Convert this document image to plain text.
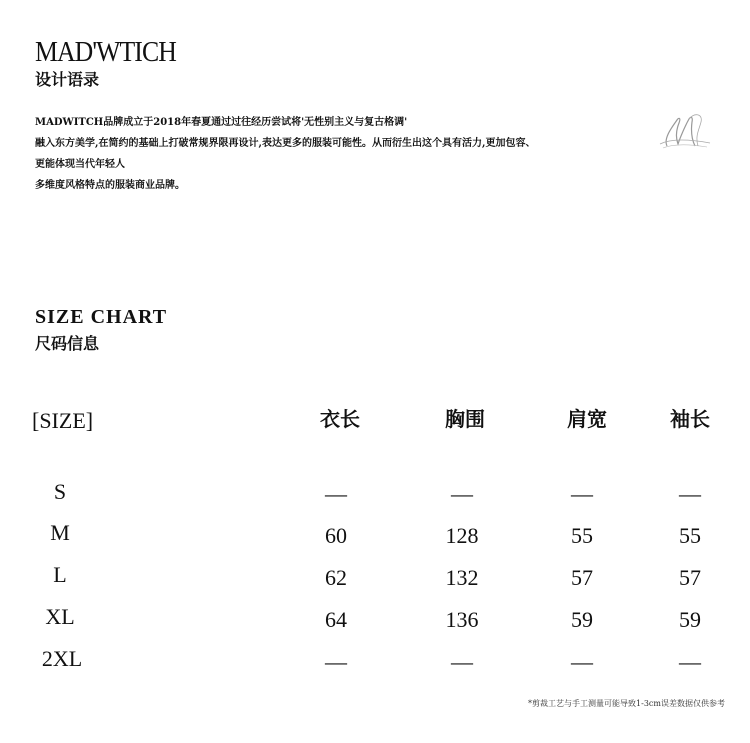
MAD'WTICH
设计语录

MADWITCH品牌成立于2018年春夏通过过往经历尝试将'无性别主义与复古格调'

融入东方美学,在简约的基础上打破常规界限再设计,表达更多的服装可能性。从而衍生出这个具有活力,更加包容、

更能体现当代年轻人

多维度风格特点的服装商业品牌。

SIZE CHART
尺码信息
[SIZE]	衣长	胸围	肩宽	袖长
S	—	—	—	—
M	60	128	55	55
L	62	132	57	57
XL	64	136	59	59
2XL	—	—	—	—
*剪裁工艺与手工测量可能导致1-3cm误差数据仅供参考
